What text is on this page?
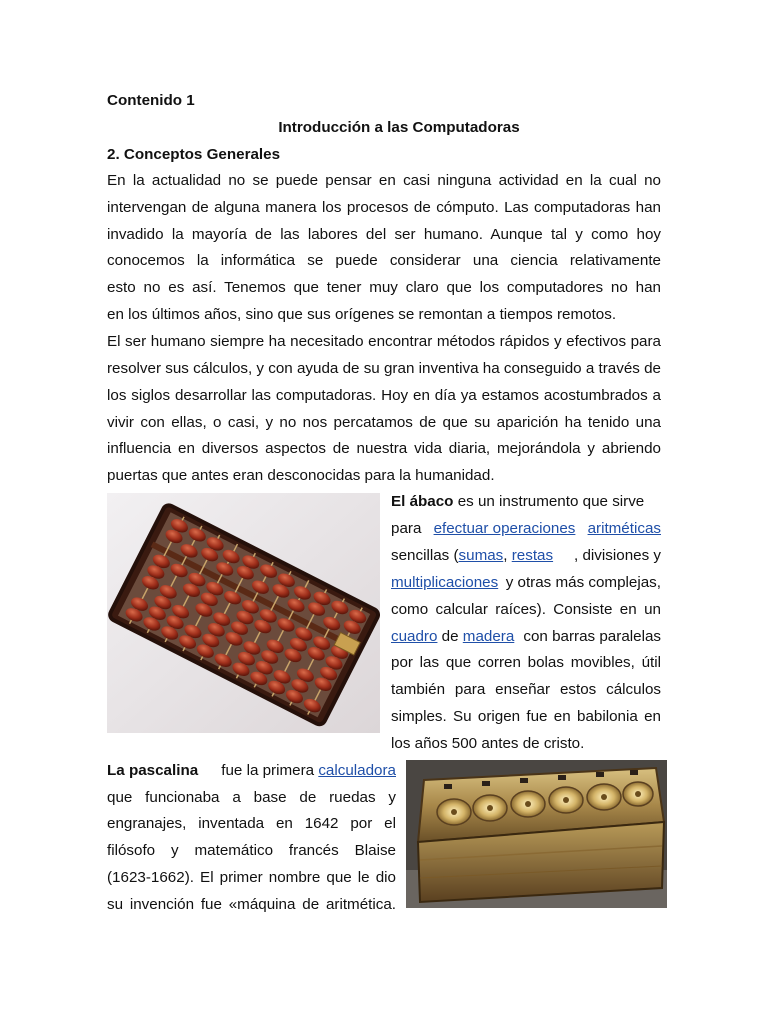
Contenido 1
Introducción a las Computadoras
2. Conceptos Generales
En la actualidad no se puede pensar en casi ninguna actividad en la cual no
intervengan de alguna manera los procesos de cómputo. Las computadoras han
invadido la mayoría de las labores del ser humano. Aunque tal y como hoy
conocemos la informática se puede considerar una ciencia relativamente
esto no es así. Tenemos que tener muy claro que los computadores no han
en los últimos años, sino que sus orígenes se remontan a tiempos remotos.
El ser humano siempre ha necesitado encontrar métodos rápidos y efectivos para
resolver sus cálculos, y con ayuda de su gran inventiva ha conseguido a través de
los siglos desarrollar las computadoras. Hoy en día ya estamos acostumbrados a
vivir con ellas, o casi, y no nos percatamos de que su aparición ha tenido una
influencia en diversos aspectos de nuestra vida diaria, mejorándola y abriendo
puertas que antes eran desconocidas para la humanidad.
El ábaco es un instrumento que sirve
para efectuar operaciones aritméticas
sencillas (sumas, restas , divisiones y
multiplicaciones y otras más complejas,
como calcular raíces). Consiste en un
cuadro de madera con barras paralelas
por las que corren bolas movibles, útil
también para enseñar estos cálculos
simples. Su origen fue en babilonia en
los años 500 antes de cristo.
La pascalina fue la primera calculadora
que funcionaba a base de ruedas y
engranajes, inventada en 1642 por el
filósofo y matemático francés Blaise
(1623-1662). El primer nombre que le dio
su invención fue «máquina de aritmética.
